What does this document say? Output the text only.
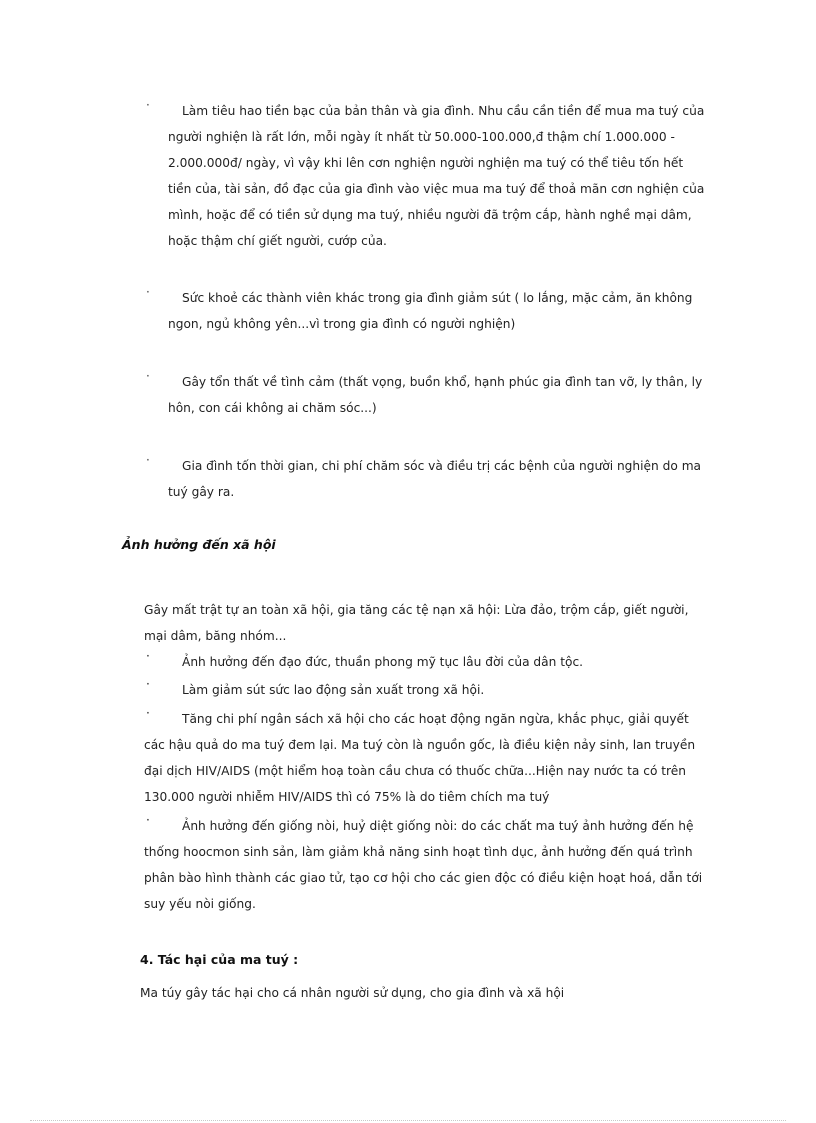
·	Làm tiêu hao tiền bạc của bản thân và gia đình. Nhu cầu cần tiền để mua ma tuý của
người nghiện là rất lớn, mỗi ngày ít nhất từ 50.000-100.000,đ thậm chí 1.000.000 -
2.000.000đ/ ngày, vì vậy khi lên cơn nghiện người nghiện ma tuý có thể tiêu tốn hết
tiền của, tài sản, đồ đạc của gia đình vào việc mua ma tuý để thoả mãn cơn nghiện của
mình, hoặc để có tiền sử dụng ma tuý, nhiều người đã trộm cắp, hành nghề mại dâm,
hoặc thậm chí giết người, cướp của.
·	Sức khoẻ các thành viên khác trong gia đình giảm sút ( lo lắng, mặc cảm, ăn không
ngon, ngủ không yên...vì trong gia đình có người nghiện)
·	Gây tổn thất về tình cảm (thất vọng, buồn khổ, hạnh phúc gia đình tan vỡ, ly thân, ly
hôn, con cái không ai chăm sóc...)
·	Gia đình tốn thời gian, chi phí chăm sóc và điều trị các bệnh của người nghiện do ma
tuý gây ra.
Ảnh hưởng đến xã hội
Gây mất trật tự an toàn xã hội, gia tăng các tệ nạn xã hội: Lừa đảo, trộm cắp, giết người,
mại dâm, băng nhóm...
·	Ảnh hưởng đến đạo đức, thuần phong mỹ tục lâu đời của dân tộc.
·	Làm giảm sút sức lao động sản xuất trong xã hội.
·	Tăng chi phí ngân sách xã hội cho các hoạt động ngăn ngừa, khắc phục, giải quyết
các hậu quả do ma tuý đem lại. Ma tuý còn là nguồn gốc, là điều kiện nảy sinh, lan truyền
đại dịch HIV/AIDS (một hiểm hoạ toàn cầu chưa có thuốc chữa...Hiện nay nước ta có trên
130.000 người nhiễm HIV/AIDS thì có 75% là do tiêm chích ma tuý
·	Ảnh hưởng đến giống nòi, huỷ diệt giống nòi: do các chất ma tuý ảnh hưởng đến hệ
thống hoocmon sinh sản, làm giảm khả năng sinh hoạt tình dục, ảnh hưởng đến quá trình
phân bào hình thành các giao tử, tạo cơ hội cho các gien độc có điều kiện hoạt hoá, dẫn tới
suy yếu nòi giống.
4. Tác hại của ma tuý :
Ma túy gây tác hại cho cá nhân người sử dụng, cho gia đình và xã hội
